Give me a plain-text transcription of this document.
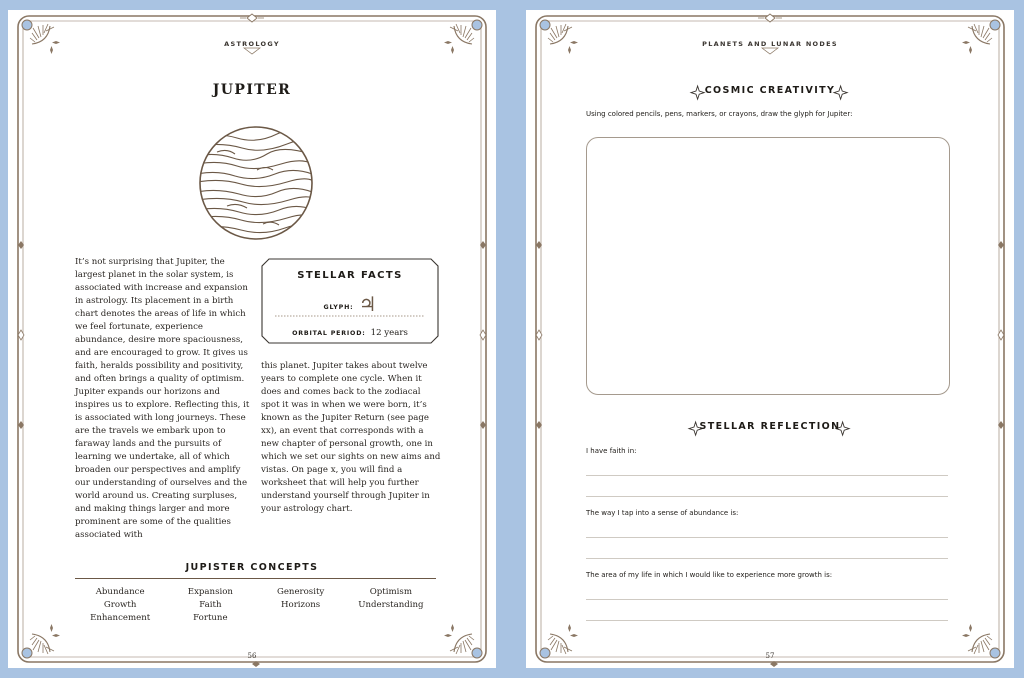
ASTROLOGY
JUPITER
It’s not surprising that Jupiter, the largest planet in the solar system, is associated with increase and expansion in astrology. Its placement in a birth chart denotes the areas of life in which we feel fortunate, experience abundance, desire more spaciousness, and are encouraged to grow. It gives us faith, heralds possibility and positivity, and often brings a quality of optimism. Jupiter expands our horizons and inspires us to explore. Reflecting this, it is associated with long journeys. These are the travels we embark upon to faraway lands and the pursuits of learning we undertake, all of which broaden our perspectives and amplify our understanding of ourselves and the world around us. Creating surpluses, and making things larger and more prominent are some of the qualities associated with
STELLAR FACTS
GLYPH: ♃
ORBITAL PERIOD: 12 years
this planet. Jupiter takes about twelve years to complete one cycle. When it does and comes back to the zodiacal spot it was in when we were born, it’s known as the Jupiter Return (see page xx), an event that corresponds with a new chapter of personal growth, one in which we set our sights on new aims and vistas. On page x, you will find a worksheet that will help you further understand yourself through Jupiter in your astrology chart.
JUPISTER CONCEPTS
Abundance
Growth
Enhancement
Expansion
Faith
Fortune
Generosity
Horizons
Optimism
Understanding
56
PLANETS AND LUNAR NODES
COSMIC CREATIVITY
Using colored pencils, pens, markers, or crayons, draw the glyph for Jupiter:
STELLAR REFLECTION
I have faith in:
The way I tap into a sense of abundance is:
The area of my life in which I would like to experience more growth is:
57
